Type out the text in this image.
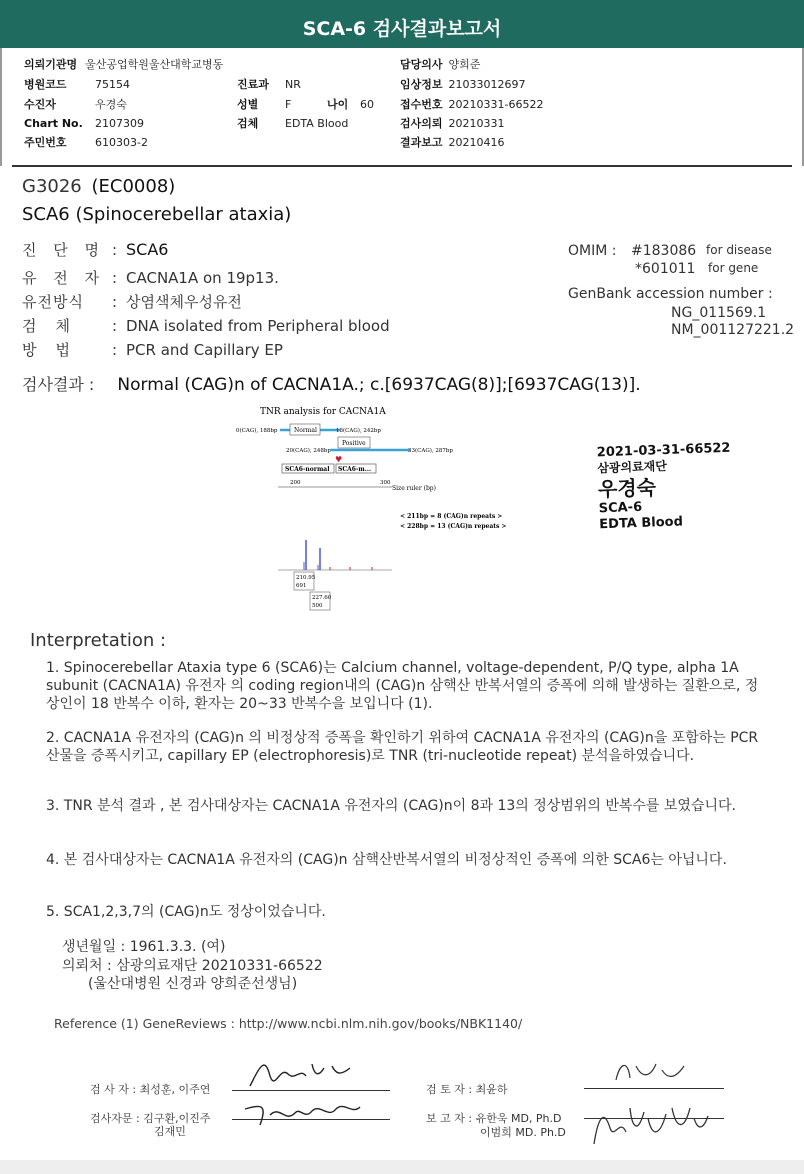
SCA-6 검사결과보고서
의뢰기관명 울산공업학원울산대학교병동
병원코드	75154
수진자	우경숙
Chart No. 2107309
주민번호	610303-2
진료과 NR
성별 F	나이 60
검체 EDTA Blood
담당의사 양희준
임상정보 21033012697
접수번호 20210331-66522
검사의뢰 20210331
결과보고 20210416
G3026 (EC0008)
SCA6 (Spinocerebellar ataxia)
진 단 명 : SCA6
유 전 자 : CACNA1A on 19p13.
유전방식 : 상염색체우성유전
검    체	: DNA isolated from Peripheral blood
방    법	: PCR and Capillary EP
OMIM : #183086 for disease
*601011 for gene
GenBank accession number :
NG_011569.1
NM_001127221.2
검사결과 : Normal (CAG)n of CACNA1A.; c.[6937CAG(8)];[6937CAG(13)].
TNR analysis for CACNA1A
0(CAG), 188bp	Normal	18(CAG), 242bp
20(CAG), 248bp
Positive
33(CAG), 287bp
♥
SCA6-normal SCA6-m...
200	300
Size ruler (bp)
< 211bp = 8 (CAG)n repeats >
< 228bp = 13 (CAG)n repeats >
210.95
691
227.60
500
2021-03-31-66522
삼광의료재단
우경숙
SCA-6
EDTA Blood
Interpretation :
1. Spinocerebellar Ataxia type 6 (SCA6)는 Calcium channel, voltage-dependent, P/Q type, alpha 1A subunit (CACNA1A) 유전자 의 coding region내의 (CAG)n 삼핵산 반복서열의 증폭에 의해 발생하는 질환으로, 정상인이 18 반복수 이하, 환자는 20~33 반복수을 보입니다 (1).
2. CACNA1A 유전자의 (CAG)n 의 비정상적 증폭을 확인하기 위하여 CACNA1A 유전자의 (CAG)n을 포함하는 PCR 산물을 증폭시키고, capillary EP (electrophoresis)로 TNR (tri-nucleotide repeat) 분석을하였습니다.
3. TNR 분석 결과 , 본 검사대상자는 CACNA1A 유전자의 (CAG)n이 8과 13의 정상범위의 반복수를 보였습니다.
4. 본 검사대상자는 CACNA1A 유전자의 (CAG)n 삼핵산반복서열의 비정상적인 증폭에 의한 SCA6는 아닙니다.
5. SCA1,2,3,7의 (CAG)n도 정상이었습니다.
생년월일 : 1961.3.3. (여)
의뢰처 : 삼광의료재단 20210331-66522
(울산대병원 신경과 양희준선생님)
Reference (1) GeneReviews : http://www.ncbi.nlm.nih.gov/books/NBK1140/
검 사 자 : 최성훈, 이주연
검사자문 : 김구환,이진주
김재민
검 토 자 : 최윤하
보 고 자 : 유한욱 MD, Ph.D
이범희 MD. Ph.D
